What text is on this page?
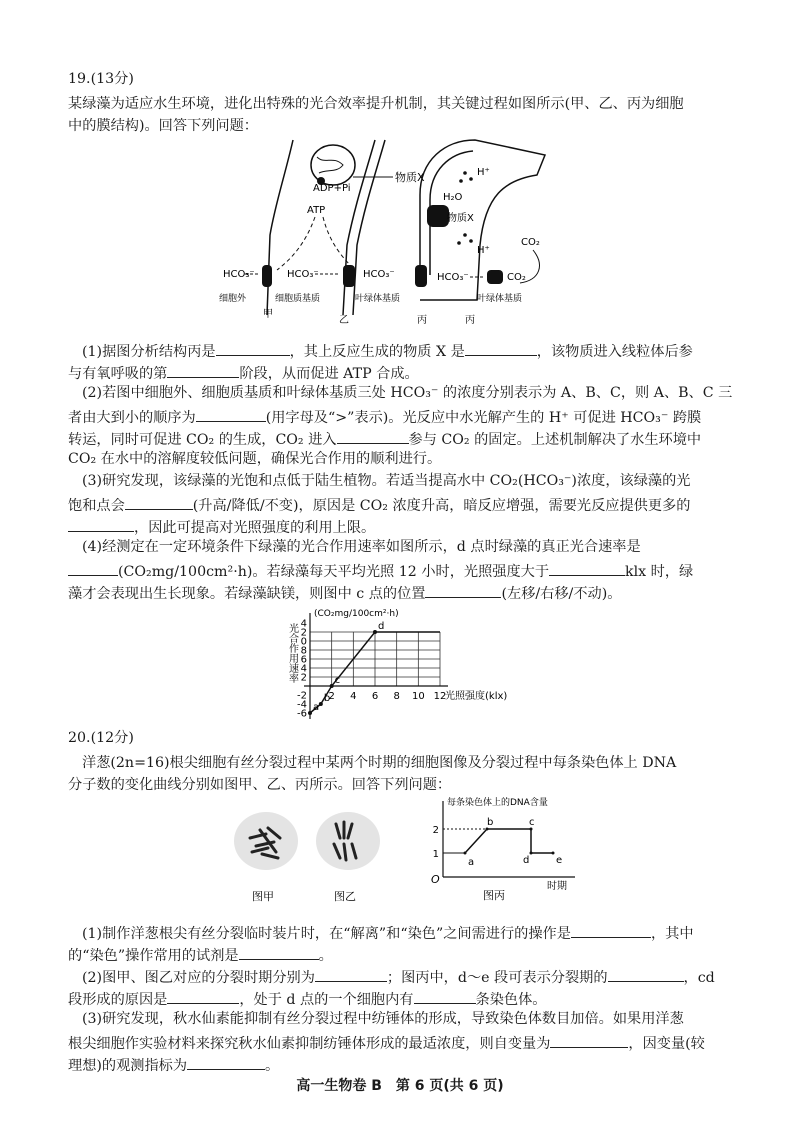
19.(13分)
某绿藻为适应水生环境，进化出特殊的光合效率提升机制，其关键过程如图所示(甲、乙、丙为细胞
中的膜结构)。回答下列问题：
ADP+Pi
物质X
ATP
H₂O
物质X
H⁺
H⁺
CO₂
HCO₃⁻	HCO₃⁻	HCO₃⁻	HCO₃⁻	CO₂
细胞外	细胞质基质	叶绿体基质	叶绿体基质
甲
乙	丙	丙
(1)据图分析结构丙是	，其上反应生成的物质 X 是	，该物质进入线粒体后参
与有氧呼吸的第	阶段，从而促进 ATP 合成。
(2)若图中细胞外、细胞质基质和叶绿体基质三处 HCO₃⁻ 的浓度分别表示为 A、B、C，则 A、B、C 三
者由大到小的顺序为	(用字母及“>”表示)。光反应中水光解产生的 H⁺ 可促进 HCO₃⁻ 跨膜
转运，同时可促进 CO₂ 的生成，CO₂ 进入	参与 CO₂ 的固定。上述机制解决了水生环境中
CO₂ 在水中的溶解度较低问题，确保光合作用的顺利进行。
(3)研究发现，该绿藻的光饱和点低于陆生植物。若适当提高水中 CO₂(HCO₃⁻)浓度，该绿藻的光
饱和点会	(升高/降低/不变)，原因是 CO₂ 浓度升高，暗反应增强，需要光反应提供更多的
，因此可提高对光照强度的利用上限。
(4)经测定在一定环境条件下绿藻的光合作用速率如图所示，d 点时绿藻的真正光合速率是
(CO₂mg/100cm²·h)。若绿藻每天平均光照 12 小时，光照强度大于	klx 时，绿
藻才会表现出生长现象。若绿藻缺镁，则图中 c 点的位置	(左移/右移/不动)。
4
2
0
8
6
4
2
-2
-4
-6
2 4 6 8 10 12
光照强度(klx)
(CO₂mg/100cm²·h)
光合作用速率
a
b
c
d
20.(12分)
洋葱(2n=16)根尖细胞有丝分裂过程中某两个时期的细胞图像及分裂过程中每条染色体上 DNA
分子数的变化曲线分别如图甲、乙、丙所示。回答下列问题：
图甲	图乙
每条染色体上的DNA含量
时期
O
1
2
a
b	c
d	e
图丙
(1)制作洋葱根尖有丝分裂临时装片时，在“解离”和“染色”之间需进行的操作是	，其中
的“染色”操作常用的试剂是	。
(2)图甲、图乙对应的分裂时期分别为	；图丙中，d～e 段可表示分裂期的	，cd
段形成的原因是	，处于 d 点的一个细胞内有	条染色体。
(3)研究发现，秋水仙素能抑制有丝分裂过程中纺锤体的形成，导致染色体数目加倍。如果用洋葱
根尖细胞作实验材料来探究秋水仙素抑制纺锤体形成的最适浓度，则自变量为	，因变量(较
理想)的观测指标为	。
高一生物卷 B　第 6 页(共 6 页)
